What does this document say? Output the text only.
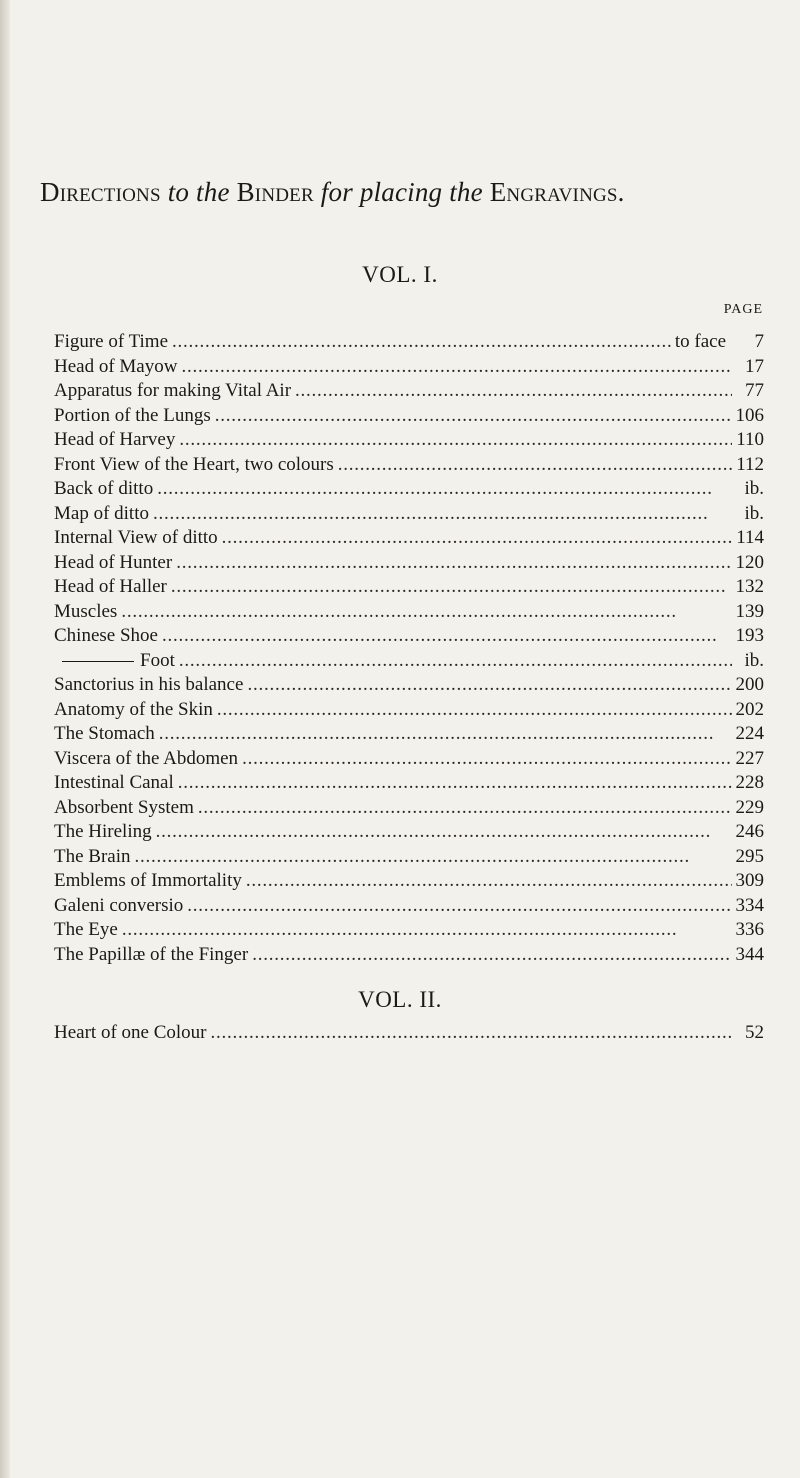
Directions to the Binder for placing the Engravings.
VOL. I.
PAGE
Figure of Time . . .	to face	7
Head of Mayow . . .	17
Apparatus for making Vital Air . . .	77
Portion of the Lungs . . .	106
Head of Harvey . . .	110
Front View of the Heart, two colours . . .	112
Back of ditto . . .	ib.
Map of ditto . . .	ib.
Internal View of ditto . . .	114
Head of Hunter . . .	120
Head of Haller . . .	132
Muscles . . .	139
Chinese Shoe . . .	193
Foot . . .	ib.
Sanctorius in his balance . . .	200
Anatomy of the Skin . . .	202
The Stomach . . .	224
Viscera of the Abdomen . . .	227
Intestinal Canal . . .	228
Absorbent System . . .	229
The Hireling . . .	246
The Brain . . .	295
Emblems of Immortality . . .	309
Galeni conversio . . .	334
The Eye . . .	336
The Papillæ of the Finger . . .	344
VOL. II.
Heart of one Colour . . .	52
